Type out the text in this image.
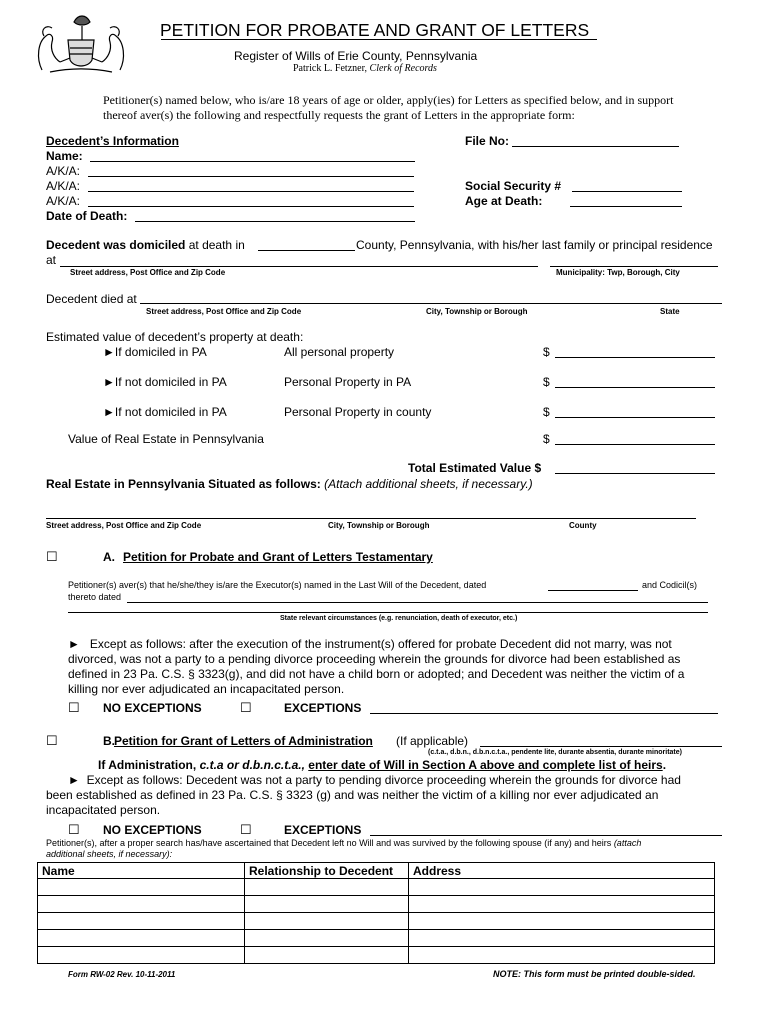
PETITION FOR PROBATE AND GRANT OF LETTERS
Register of Wills of Erie County, Pennsylvania
Patrick L. Fetzner, Clerk of Records
Petitioner(s) named below, who is/are 18 years of age or older, apply(ies) for Letters as specified below, and in support
thereof aver(s) the following and respectfully requests the grant of Letters in the appropriate form:
Decedent’s Information
Name:
A/K/A:
A/K/A:
A/K/A:
Date of Death:
File No:
Social Security #
Age at Death:
Decedent was domiciled at death in	County, Pennsylvania, with his/her last family or principal residence
at
Street address, Post Office and Zip Code	Municipality: Twp, Borough, City
Decedent died at
Street address, Post Office and Zip Code	City, Township or Borough	State
Estimated value of decedent’s property at death:
►If domiciled in PA	All personal property	$
►If not domiciled in PA	Personal Property in PA	$
►If not domiciled in PA	Personal Property in county	$
Value of Real Estate in Pennsylvania	$
Total Estimated Value $
Real Estate in Pennsylvania Situated as follows: (Attach additional sheets, if necessary.)
Street address, Post Office and Zip Code	City, Township or Borough	County
☐	A. Petition for Probate and Grant of Letters Testamentary
Petitioner(s) aver(s) that he/she/they is/are the Executor(s) named in the Last Will of the Decedent, dated	and Codicil(s)
thereto dated
State relevant circumstances (e.g. renunciation, death of executor, etc.)
► Except as follows: after the execution of the instrument(s) offered for probate Decedent did not marry, was not
divorced, was not a party to a pending divorce proceeding wherein the grounds for divorce had been established as
defined in 23 Pa. C.S. § 3323(g), and did not have a child born or adopted; and Decedent was neither the victim of a
killing nor ever adjudicated an incapacitated person.
☐ NO EXCEPTIONS	☐	EXCEPTIONS
☐	B. Petition for Grant of Letters of Administration (If applicable)
(c.t.a., d.b.n., d.b.n.c.t.a., pendente lite, durante absentia, durante minoritate)
If Administration, c.t.a or d.b.n.c.t.a., enter date of Will in Section A above and complete list of heirs.
► Except as follows: Decedent was not a party to pending divorce proceeding wherein the grounds for divorce had
been established as defined in 23 Pa. C.S. § 3323 (g) and was neither the victim of a killing nor ever adjudicated an
incapacitated person.
☐ NO EXCEPTIONS	☐	EXCEPTIONS
Petitioner(s), after a proper search has/have ascertained that Decedent left no Will and was survived by the following spouse (if any) and heirs (attach
additional sheets, if necessary):
Name	Relationship to Decedent	Address

Form RW-02 Rev. 10-11-2011	NOTE: This form must be printed double-sided.
